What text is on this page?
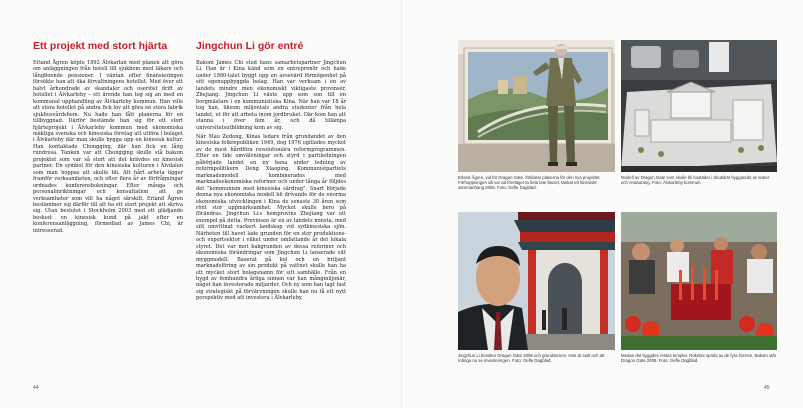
Ett projekt med stort hjärta

Erland Ågren köpte 1992 Älvkarlan med planen att göra om anläggningen från hotell till sjukhem med läkare och långboende pensioner. I väntan efter finansieringen försökte han att öka förvaltningens hotellet. Med över ett halvt århundrade av skandaler och oseriöst drift av hotellet i Älvkarleby – ett ärende han tog sig an med en kommunal upphandling av Älvkarleby kommun. Han ville att stora hotellet på andra fick lov att göra en stora fabrik sjukhusvårdshem. Nu hade han fått planerna för en tillbyggnad. Därför bestämde han sig för ett stort hjärteprojekt i Älvkarleby kommun med ekonomiska mäktiga svenska och kinesiska företag att utföra i bolaget i Älvkarleby där man skulle bygga upp en kinesisk kultur. Han kontaktade Chongqing, där han fick en lång rundresa. Tanken var att Chongqing skulle stå bakom projektet som var så stort att det krävdes en kinesisk partner. En symbol för den kinesiska kulturen i Älvdalen som man hoppas att skulle bli. Att hårt arbeta ligger framför verksamheten, och efter flera år av förfrågningar ordnades konferensbokningar. Efter många och personalinriktningar och konsultation att ge verksamheter som vill ha något särskilt. Erland Ågren bestämmer sig därför till att ha ett stort projekt att skriva sig. Utan beslutet i Stockholm 2003 med ett glädjande besked: en kinesisk kund på jakt efter en konferensanläggning, förmedlad av James Chi, är intresserad.

Jingchun Li gör entré

Bakom James Chi stod hans samarbetspartner Jingchun Li. Han är i Kina känd som en entreprenör och hade under 1980-talet byggt upp en avsevärd förmögenhet på sitt egenuppbyggda bolag. Han var verksam i en av landets mindre men ekonomiskt viktigaste provinser, Zhejiang. Jingchun Li växte upp som son till en borgmästare i en kommunistiska Kina. När han var 18 år tog han, liksom miljontals andra studenter från hela landet, ut för att arbeta inom jordbruket. Där kom han att stanna i över fem år, och då tillämpa universitetsutbildning kom av sig.

När Mao Zedong, Kinas ledare från grundandet av den kinesiska folkrepubliken 1949, dog 1976 ogillades mycket av de mest hårdföra revolutionära reformprogrammen. Efter en tids omvälvningar och styrd i partiledningen påbörjade landet en ny bana under ledning av reformpolitikern Deng Xiaoping. Kommunistpartiets marknadsmodell kombinerades med marknadsekonomiska reformer och under långa år följdes det ”kommunism med kinesiska särdrag”. Snart började denna nya ekonomiska modell bli drivande för de enorma ekonomiska utvecklingen i Kina de senaste 30 åren som rönt stor uppmärksamhet. Mycket skulle bero på förändras. Jingchun Li:s hemprovins Zhejiang var ett exempel på detta. Provinsen är en av landets minsta, med sitt omvittnat vackert landskap vid sydkinesiska sjön. Närheten till havet lade grunden för en stor produktions- och exportsektor i vilket under omfattande år det lokala styret. Det var mot bakgrunden av dessa reformer och ekonomiska förändringar som Jingchun Li lanserade sitt myggmodell. Baserat på kol och en briljant marknadsföring av sin produkt på vattnet skulle han ha ett mycket stort bolagsnamn för sitt samhälle. Från en bygd av femhundra årliga sinnen var han mångmiljonär, något han investerade miljarder. Och ny som han lagt fast sig strategiskt på förvärvningen skulle han nu få ett nytt perspektiv med att investera i Älvkarleby.

44	45
Erland Ågren, vid för Dragon Gate, förklarar planerna för den nya projektet. Förhoppningen då var att föreläget ta hela lote fasset, tänkat ett kinesiskt sammanhang 2006. Foto: Gefle Dagblad.
Modell av Dragon Gate som skulle bli bostäder i Skutskär byggandet av teater och restaurang. Foto: Älvkarleby kommun.
Jingchun Li besöker Dragon Gate 2008 och grundstenen. Han är stolt och att många nu se investeringen. Foto: Gefle Dagblad.
Medan det byggdes restes templet. Rökelse sprids av de fyra hörnen. Bakom står Dragon Gate 2008. Foto: Gefle Dagblad.
